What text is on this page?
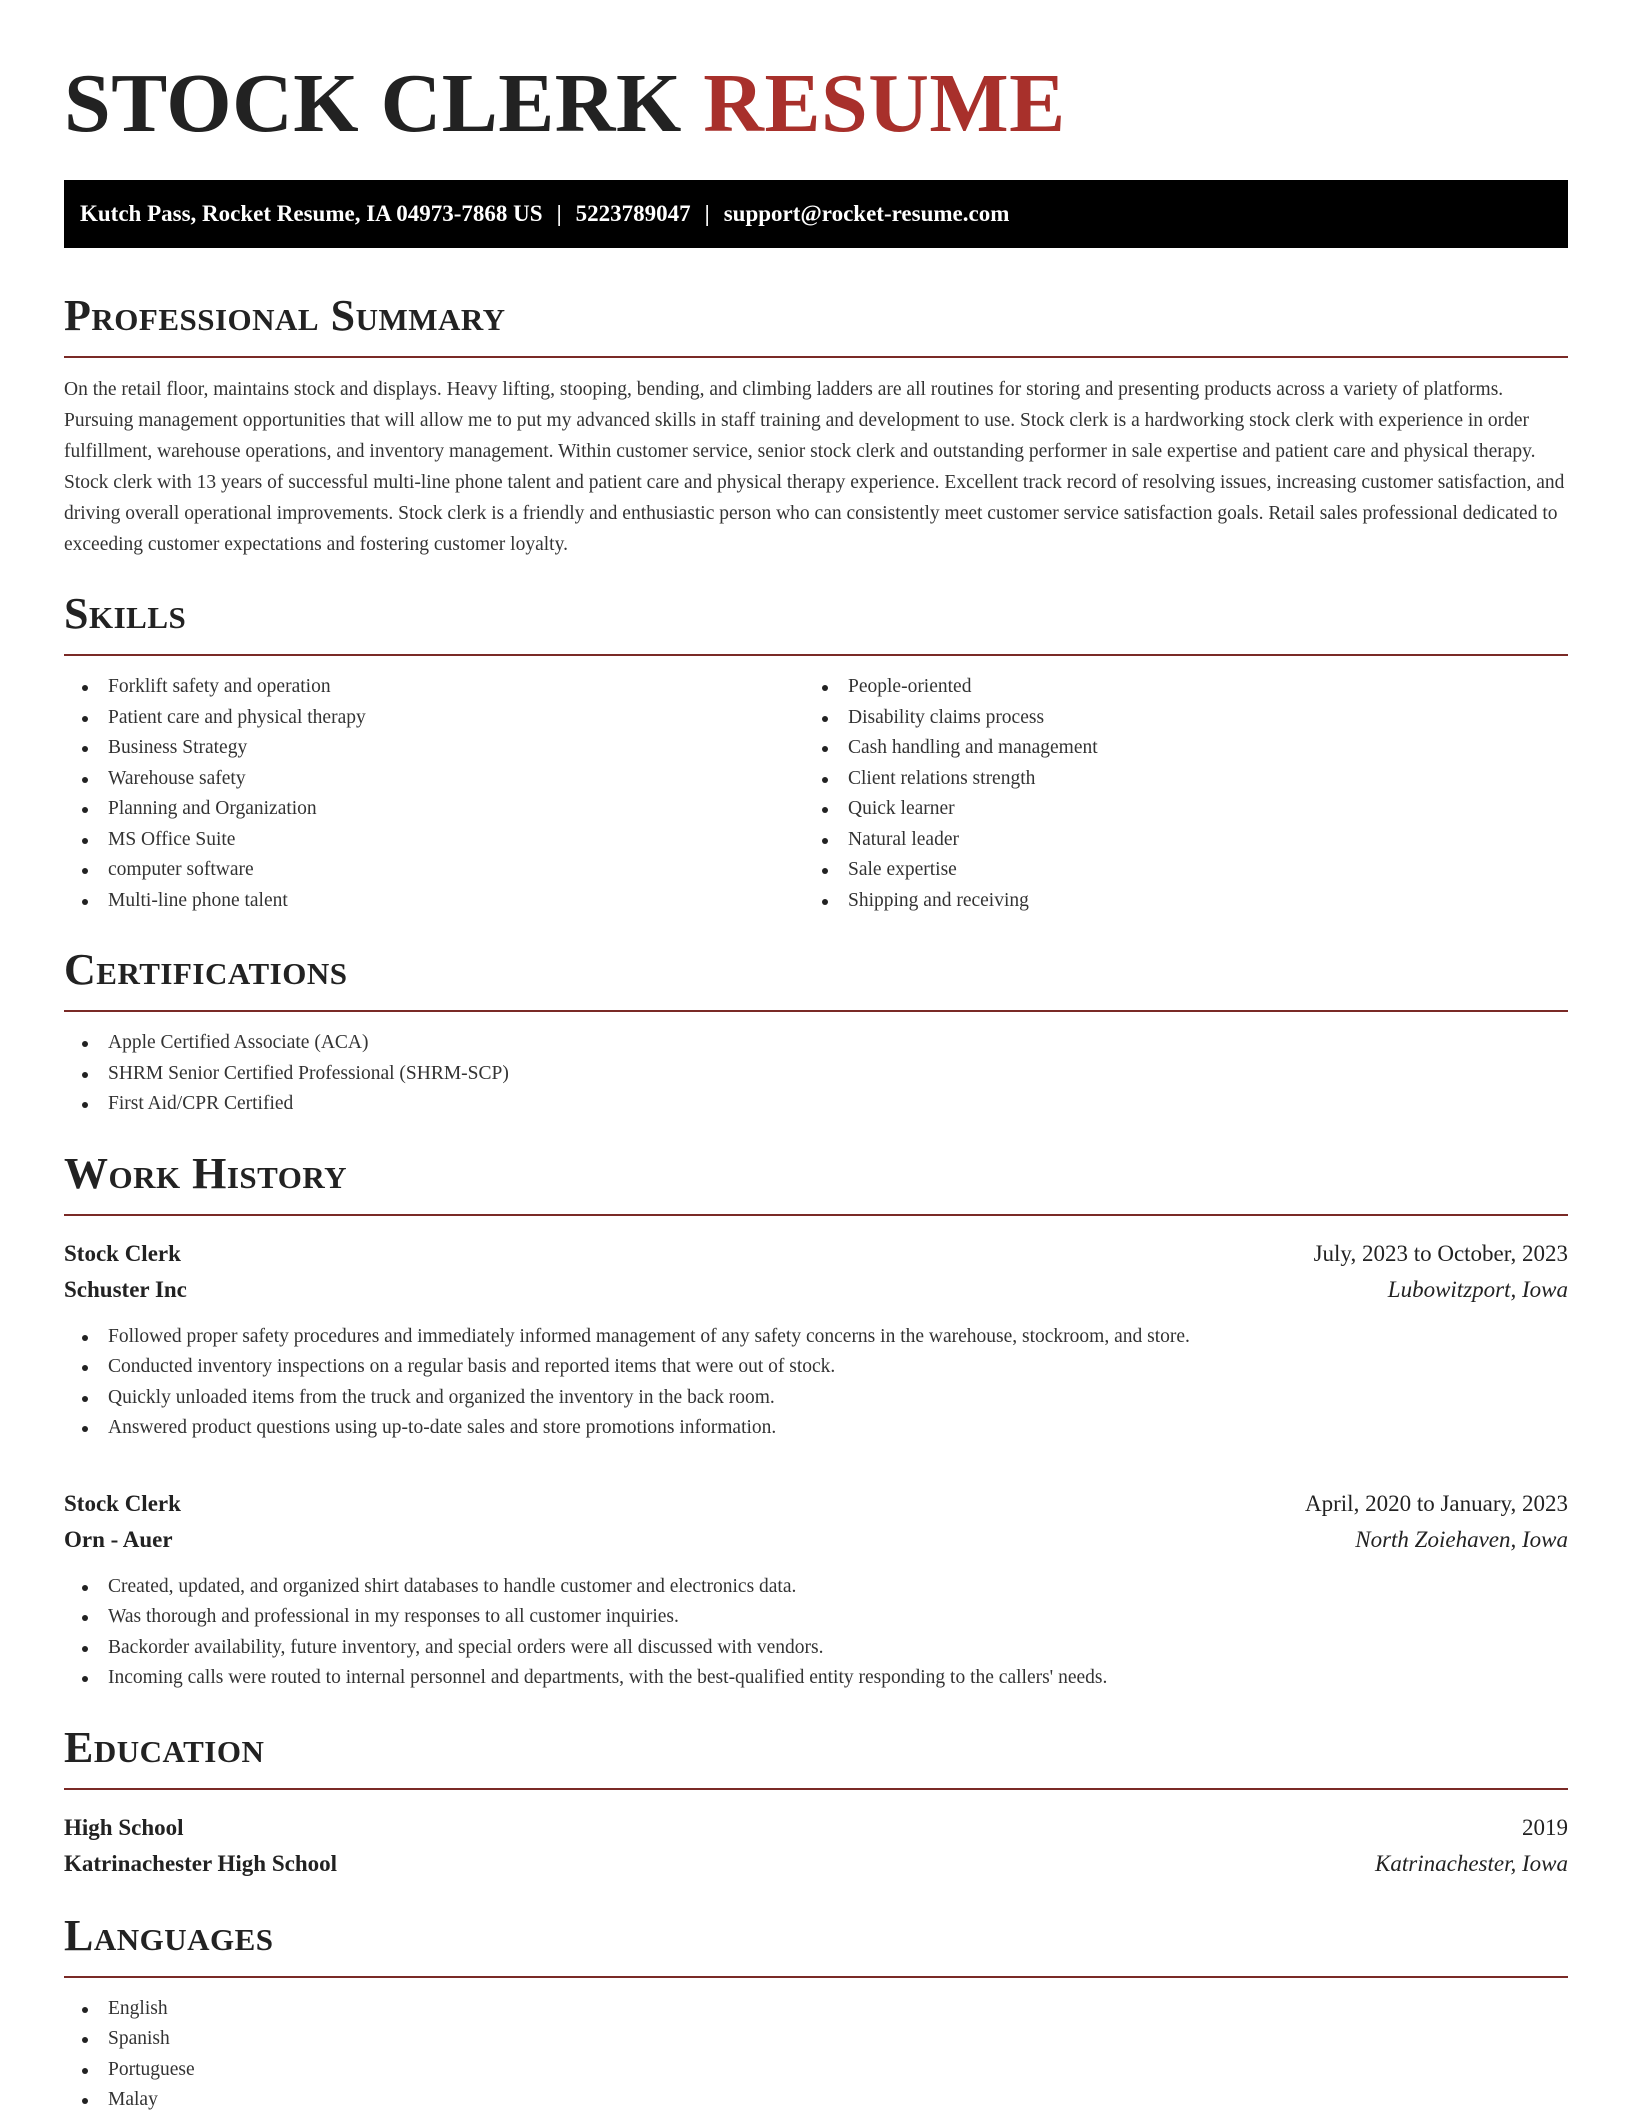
STOCK CLERK RESUME
Kutch Pass, Rocket Resume, IA 04973-7868 US | 5223789047 | support@rocket-resume.com
Professional Summary

On the retail floor, maintains stock and displays. Heavy lifting, stooping, bending, and climbing ladders are all routines for storing and presenting products across a variety of platforms. Pursuing management opportunities that will allow me to put my advanced skills in staff training and development to use. Stock clerk is a hardworking stock clerk with experience in order fulfillment, warehouse operations, and inventory management. Within customer service, senior stock clerk and outstanding performer in sale expertise and patient care and physical therapy. Stock clerk with 13 years of successful multi-line phone talent and patient care and physical therapy experience. Excellent track record of resolving issues, increasing customer satisfaction, and driving overall operational improvements. Stock clerk is a friendly and enthusiastic person who can consistently meet customer service satisfaction goals. Retail sales professional dedicated to exceeding customer expectations and fostering customer loyalty.

Skills
Forklift safety and operation
Patient care and physical therapy
Business Strategy
Warehouse safety
Planning and Organization
MS Office Suite
computer software
Multi-line phone talent
People-oriented
Disability claims process
Cash handling and management
Client relations strength
Quick learner
Natural leader
Sale expertise
Shipping and receiving
Certifications
Apple Certified Associate (ACA)
SHRM Senior Certified Professional (SHRM-SCP)
First Aid/CPR Certified
Work History
Stock Clerk	July, 2023 to October, 2023
Schuster Inc	Lubowitzport, Iowa
Followed proper safety procedures and immediately informed management of any safety concerns in the warehouse, stockroom, and store.
Conducted inventory inspections on a regular basis and reported items that were out of stock.
Quickly unloaded items from the truck and organized the inventory in the back room.
Answered product questions using up-to-date sales and store promotions information.
Stock Clerk	April, 2020 to January, 2023
Orn - Auer	North Zoiehaven, Iowa
Created, updated, and organized shirt databases to handle customer and electronics data.
Was thorough and professional in my responses to all customer inquiries.
Backorder availability, future inventory, and special orders were all discussed with vendors.
Incoming calls were routed to internal personnel and departments, with the best-qualified entity responding to the callers' needs.
Education
High School	2019
Katrinachester High School	Katrinachester, Iowa
Languages
English
Spanish
Portuguese
Malay
